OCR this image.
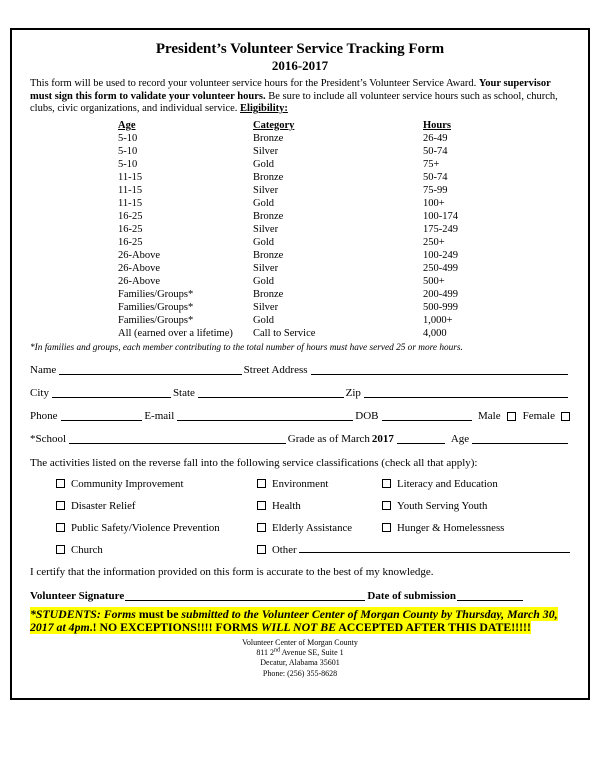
President’s Volunteer Service Tracking Form
2016-2017
This form will be used to record your volunteer service hours for the President’s Volunteer Service Award. Your supervisor must sign this form to validate your volunteer hours. Be sure to include all volunteer service hours such as school, church, clubs, civic organizations, and individual service. Eligibility:
Age	Category	Hours
5-10	Bronze	26-49
5-10	Silver	50-74
5-10	Gold	75+
11-15	Bronze	50-74
11-15	Silver	75-99
11-15	Gold	100+
16-25	Bronze	100-174
16-25	Silver	175-249
16-25	Gold	250+
26-Above	Bronze	100-249
26-Above	Silver	250-499
26-Above	Gold	500+
Families/Groups*	Bronze	200-499
Families/Groups*	Silver	500-999
Families/Groups*	Gold	1,000+
All (earned over a lifetime)	Call to Service	4,000
*In families and groups, each member contributing to the total number of hours must have served 25 or more hours.
Name	Street Address
City	State	Zip
Phone	E-mail	DOB	Male Female
*School	Grade as of March 2017	Age
The activities listed on the reverse fall into the following service classifications (check all that apply):
Community Improvement	Environment	Literacy and Education
Disaster Relief	Health	Youth Serving Youth
Public Safety/Violence Prevention	Elderly Assistance	Hunger & Homelessness
Church	Other
I certify that the information provided on this form is accurate to the best of my knowledge.
Volunteer Signature	Date of submission
*STUDENTS: Forms must be submitted to the Volunteer Center of Morgan County by Thursday, March 30, 2017 at 4pm.! NO EXCEPTIONS!!!! FORMS WILL NOT BE ACCEPTED AFTER THIS DATE!!!!!
Volunteer Center of Morgan County
811 2nd Avenue SE, Suite 1
Decatur, Alabama 35601
Phone: (256) 355-8628
